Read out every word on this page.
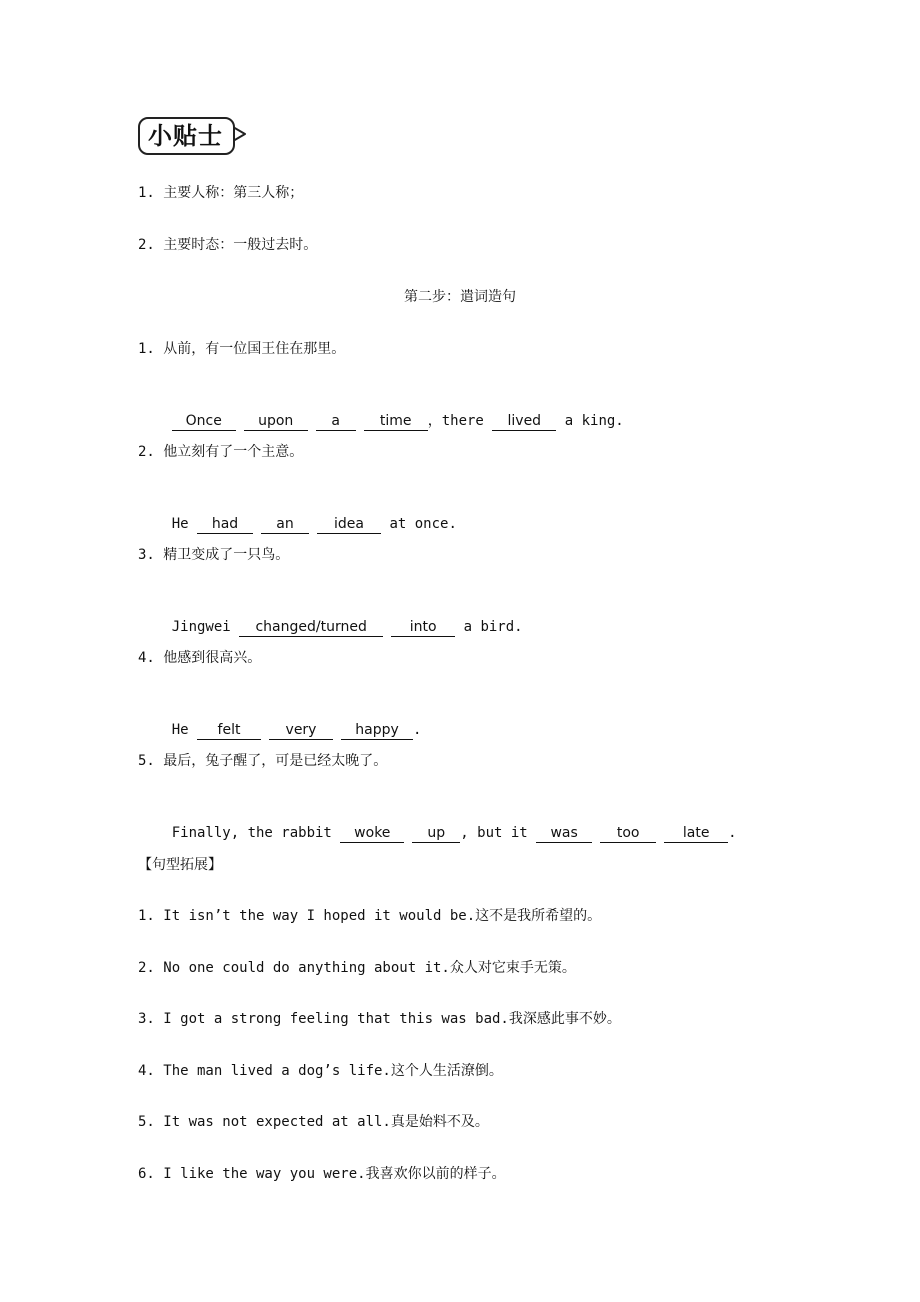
小贴士
1. 主要人称：第三人称；
2. 主要时态：一般过去时。
第二步：遣词造句
1. 从前，有一位国王住在那里。

Once	upon	a	time ，there lived a king.

2. 他立刻有了一个主意。

He had	an	idea at once.

3. 精卫变成了一只鸟。

Jingwei changed/turned	into a bird.

4. 他感到很高兴。

He felt	very	happy .

5. 最后，兔子醒了，可是已经太晚了。

Finally, the rabbit woke	up , but it was	too	late .

【句型拓展】
1. It isn’t the way I hoped it would be.这不是我所希望的。
2. No one could do anything about it.众人对它束手无策。
3. I got a strong feeling that this was bad.我深感此事不妙。
4. The man lived a dog’s life.这个人生活潦倒。
5. It was not expected at all.真是始料不及。
6. I like the way you were.我喜欢你以前的样子。
